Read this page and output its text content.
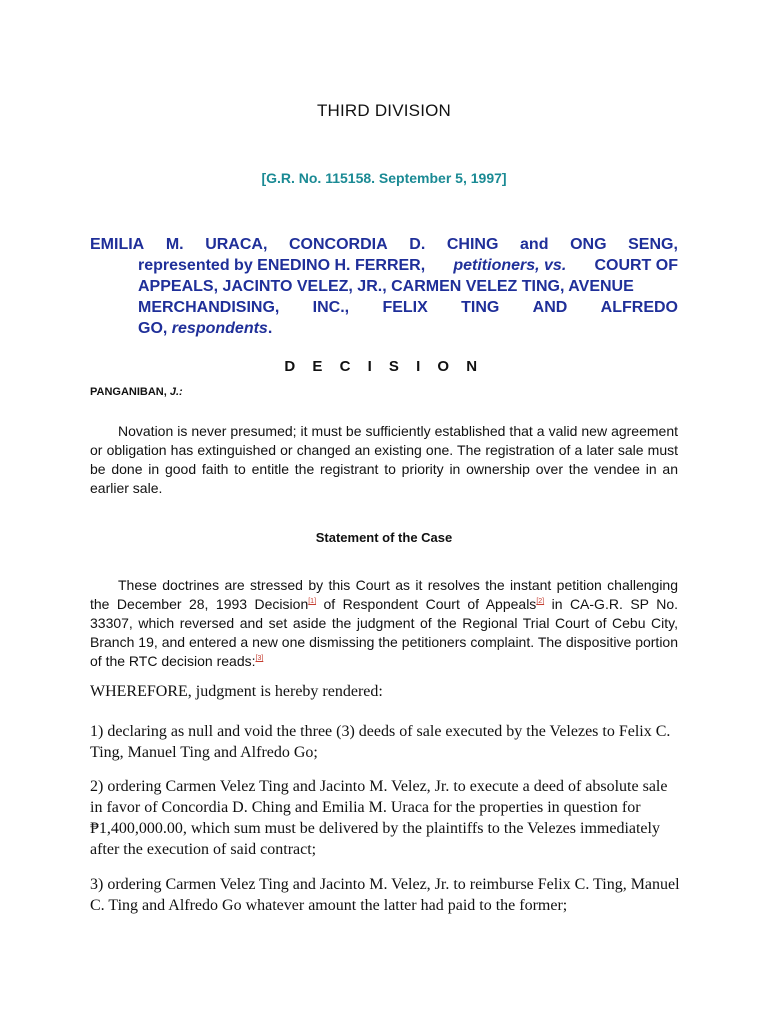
THIRD DIVISION
[G.R. No. 115158. September 5, 1997]
EMILIA M. URACA, CONCORDIA D. CHING and ONG SENG,
represented by ENEDINO H. FERRER, petitioners, vs. COURT OF
APPEALS, JACINTO VELEZ, JR., CARMEN VELEZ TING, AVENUE
MERCHANDISING, INC., FELIX TING AND ALFREDO
GO,
respondents .
D E C I S I O N
PANGANIBAN, J.:
Novation is never presumed; it must be sufficiently established that a valid new agreement or obligation has extinguished or changed an existing one. The registration of a later sale must be done in good faith to entitle the registrant to priority in ownership over the vendee in an earlier sale.
Statement of the Case
These doctrines are stressed by this Court as it resolves the instant petition challenging the December 28, 1993 Decision[1] of Respondent Court of Appeals[2] in CA-G.R. SP No. 33307, which reversed and set aside the judgment of the Regional Trial Court of Cebu City, Branch 19, and entered a new one dismissing the petitioners complaint. The dispositive portion of the RTC decision reads:[3]
WHEREFORE, judgment is hereby rendered:
1) declaring as null and void the three (3) deeds of sale executed by the Velezes to Felix C. Ting, Manuel Ting and Alfredo Go;
2) ordering Carmen Velez Ting and Jacinto M. Velez, Jr. to execute a deed of absolute sale in favor of Concordia D. Ching and Emilia M. Uraca for the properties in question for ₱1,400,000.00, which sum must be delivered by the plaintiffs to the Velezes immediately after the execution of said contract;
3) ordering Carmen Velez Ting and Jacinto M. Velez, Jr. to reimburse Felix C. Ting, Manuel C. Ting and Alfredo Go whatever amount the latter had paid to the former;
